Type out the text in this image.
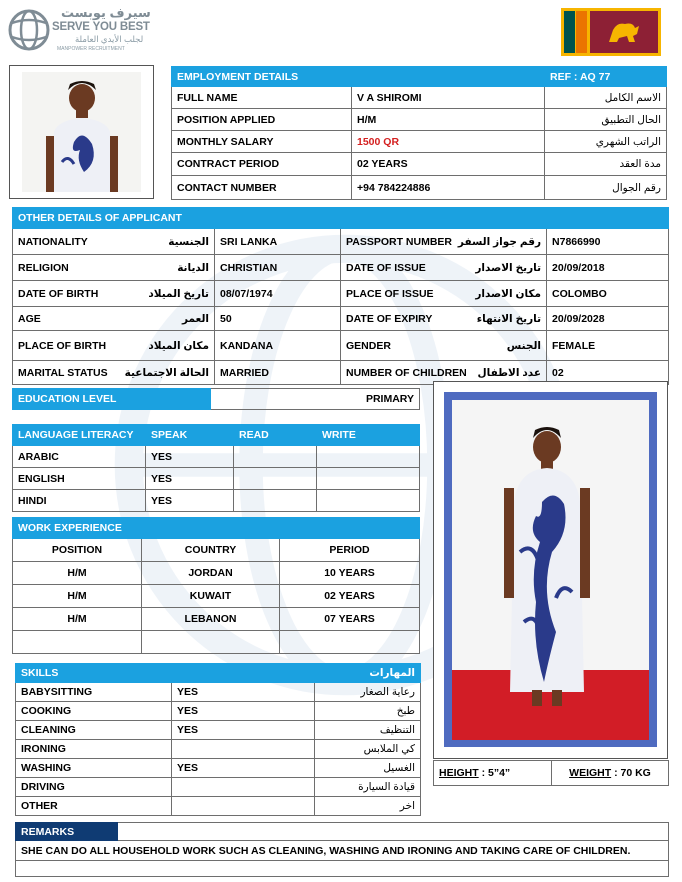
سيرف يوبست
SERVE YOU BEST
لجلب الأيدي العاملة
MANPOWER RECRUITMENT
EMPLOYMENT DETAILS		REF : AQ 77
FULL NAME	V A SHIROMI	الاسم الكامل
POSITION APPLIED	H/M	الحال التطبيق
MONTHLY SALARY	1500 QR	الراتب الشهري
CONTRACT PERIOD	02 YEARS	مدة العقد
CONTACT NUMBER	+94 784224886	رقم الجوال
OTHER DETAILS OF APPLICANT			

NATIONALITY الجنسية	SRI LANKA	PASSPORT NUMBER رقم جواز السفر	N7866990

RELIGION الديانة	CHRISTIAN	DATE OF ISSUE تاريخ الاصدار	20/09/2018

DATE OF BIRTH تاريخ الميلاد	08/07/1974	PLACE OF ISSUE مكان الاصدار	COLOMBO

AGE العمر	50	DATE OF EXPIRY تاريخ الانتهاء	20/09/2028

PLACE OF BIRTH مكان الميلاد	KANDANA	GENDER الجنس	FEMALE

MARITAL STATUS الحالة الاجتماعية	MARRIED	NUMBER OF CHILDREN عدد الاطفال	02
EDUCATION LEVEL	PRIMARY
LANGUAGE LITERACY	SPEAK	READ	WRITE
ARABIC	YES		
ENGLISH	YES		
HINDI	YES		
WORK EXPERIENCE		
POSITION	COUNTRY	PERIOD
H/M	JORDAN	10 YEARS
H/M	KUWAIT	02 YEARS
H/M	LEBANON	07 YEARS

SKILLS		المهارات
BABYSITTING	YES	رعاية الصغار
COOKING	YES	طبخ
CLEANING	YES	التنظيف
IRONING		كي الملابس
WASHING	YES	الغسيل
DRIVING		قيادة السيارة
OTHER		اخر
HEIGHT : 5”4”	WEIGHT : 70 KG
REMARKS	
SHE CAN DO ALL HOUSEHOLD WORK SUCH AS CLEANING, WASHING AND IRONING AND TAKING CARE OF CHILDREN.
